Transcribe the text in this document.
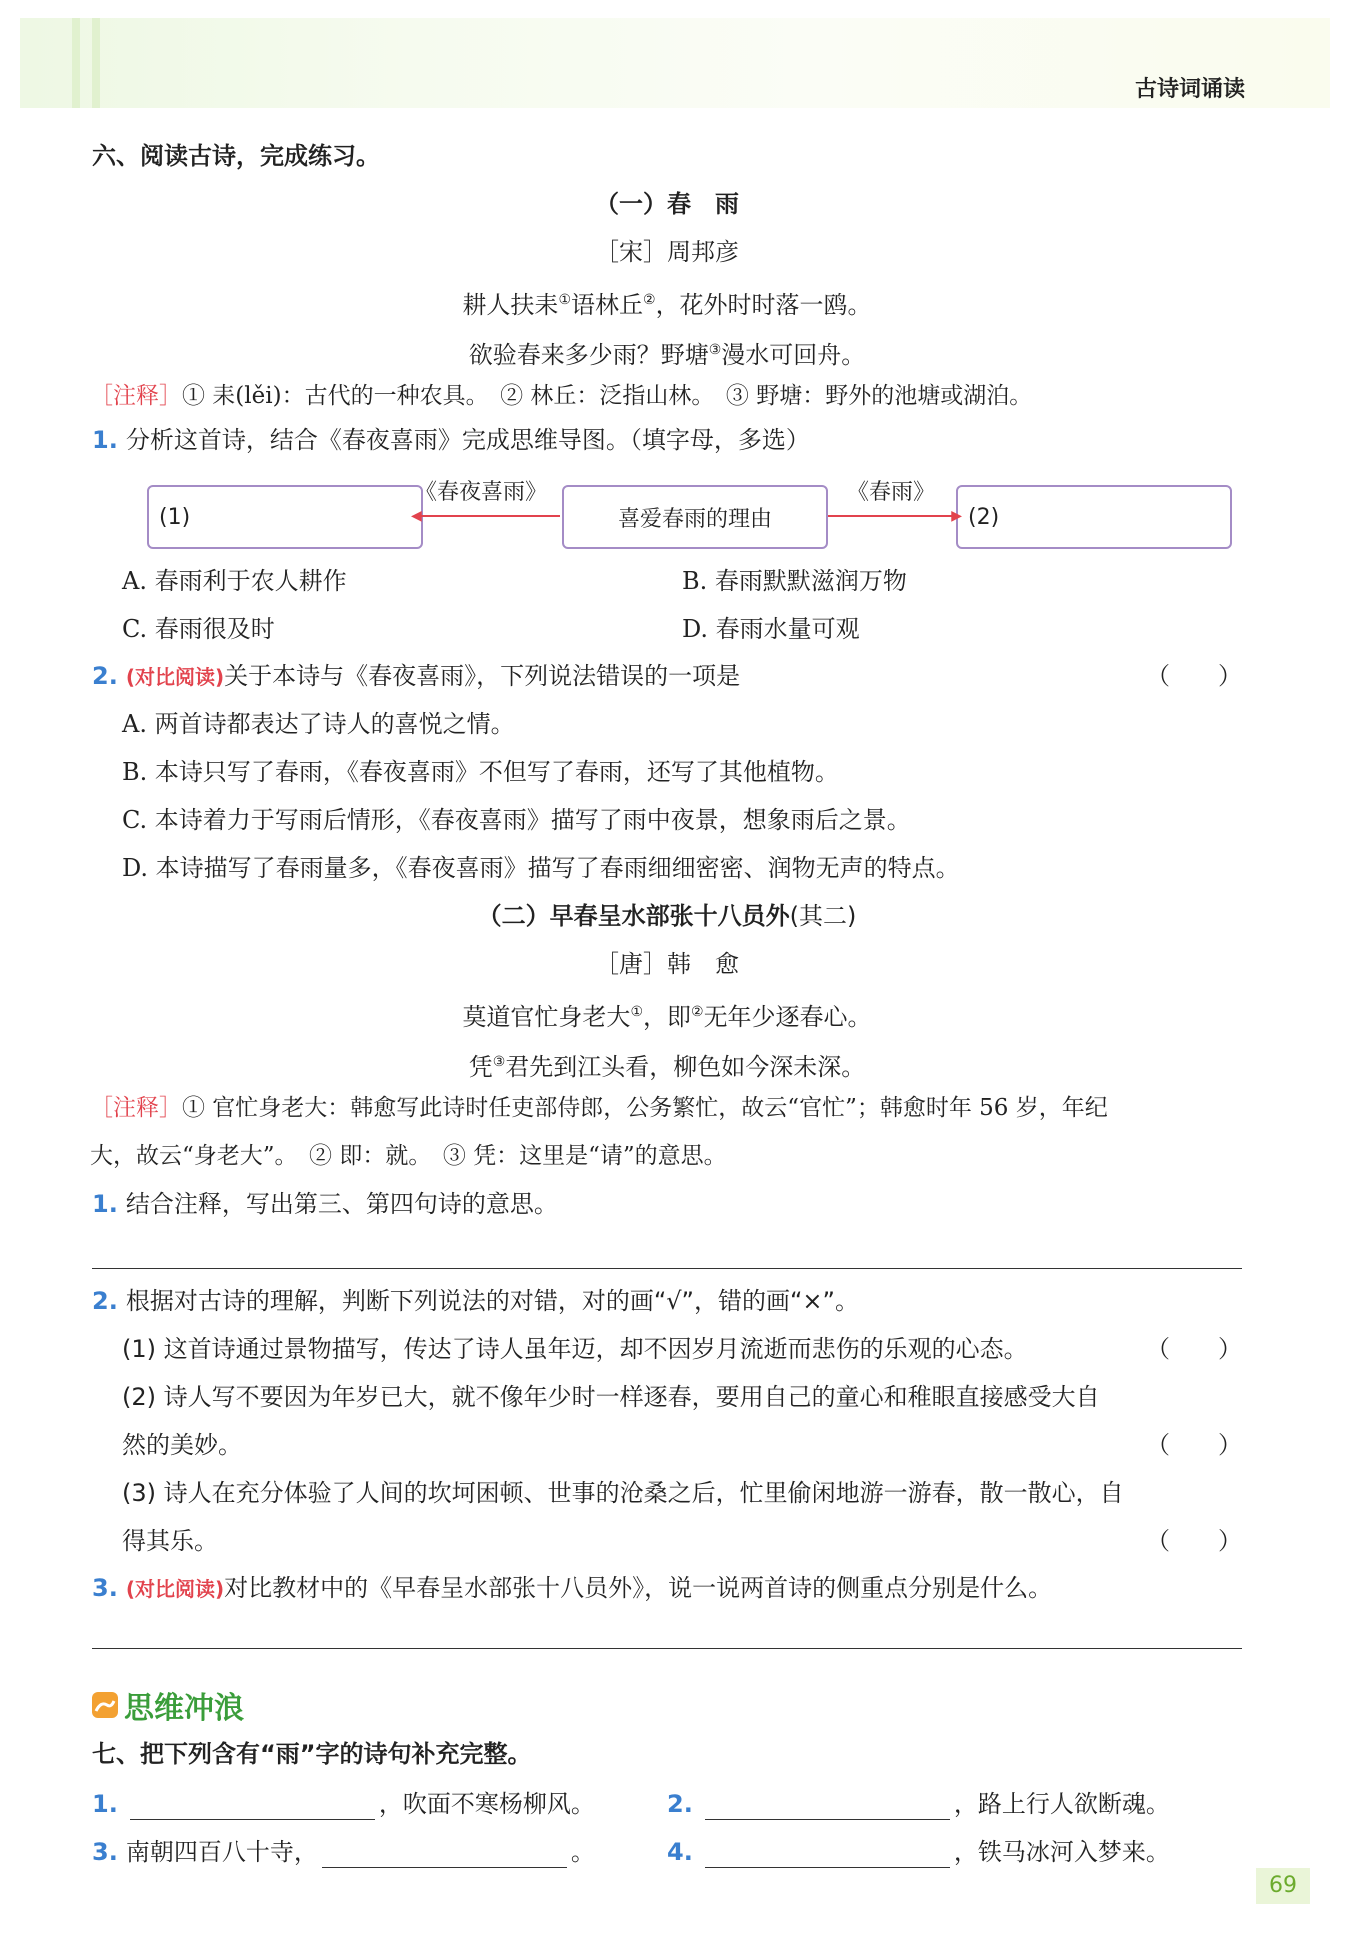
古诗词诵读
六、阅读古诗，完成练习。
（一）春　雨
［宋］周邦彦
耕人扶耒①语林丘②，花外时时落一鸥。
欲验春来多少雨？野塘③漫水可回舟。
［注释］① 耒(lěi)：古代的一种农具。　② 林丘：泛指山林。　③ 野塘：野外的池塘或湖泊。
1. 分析这首诗，结合《春夜喜雨》完成思维导图。（填字母，多选）
(1)	喜爱春雨的理由	(2)
《春夜喜雨》	《春雨》
◀	▶
A. 春雨利于农人耕作	B. 春雨默默滋润万物
C. 春雨很及时	D. 春雨水量可观
2. (对比阅读)关于本诗与《春夜喜雨》，下列说法错误的一项是	（　　）
A. 两首诗都表达了诗人的喜悦之情。
B. 本诗只写了春雨，《春夜喜雨》不但写了春雨，还写了其他植物。
C. 本诗着力于写雨后情形，《春夜喜雨》描写了雨中夜景，想象雨后之景。
D. 本诗描写了春雨量多，《春夜喜雨》描写了春雨细细密密、润物无声的特点。
（二）早春呈水部张十八员外(其二)
［唐］韩　愈
莫道官忙身老大①，即②无年少逐春心。
凭③君先到江头看，柳色如今深未深。
［注释］① 官忙身老大：韩愈写此诗时任吏部侍郎，公务繁忙，故云“官忙”；韩愈时年 56 岁，年纪
大，故云“身老大”。　② 即：就。　③ 凭：这里是“请”的意思。
1. 结合注释，写出第三、第四句诗的意思。
2. 根据对古诗的理解，判断下列说法的对错，对的画“√”，错的画“×”。
(1) 这首诗通过景物描写，传达了诗人虽年迈，却不因岁月流逝而悲伤的乐观的心态。	（　　）
(2) 诗人写不要因为年岁已大，就不像年少时一样逐春，要用自己的童心和稚眼直接感受大自
然的美妙。	（　　）
(3) 诗人在充分体验了人间的坎坷困顿、世事的沧桑之后，忙里偷闲地游一游春，散一散心，自
得其乐。	（　　）
3. (对比阅读)对比教材中的《早春呈水部张十八员外》，说一说两首诗的侧重点分别是什么。
七、把下列含有“雨”字的诗句补充完整。
1.	，吹面不寒杨柳风。	2.	，路上行人欲断魂。
3. 南朝四百八十寺，	。	4.	，铁马冰河入梦来。
思维冲浪
69
